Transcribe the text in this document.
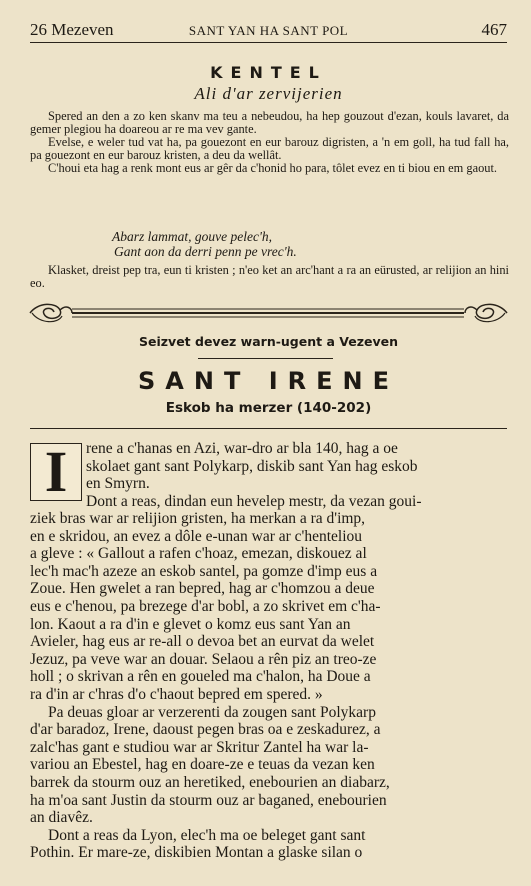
26 Mezeven	SANT YAN HA SANT POL	467
KENTEL
Ali d'ar zervijerien

Spered an den a zo ken skanv ma teu a nebeudou, ha hep gouzout d'ezan, kouls lavaret, da gemer plegiou ha doareou ar re ma vev gante.

Evelse, e weler tud vat ha, pa gouezont en eur barouz digristen, a 'n em goll, ha tud fall ha, pa gouezont en eur barouz kristen, a deu da wellât.

C'houi eta hag a renk mont eus ar gêr da c'honid ho para, tôlet evez en ti biou en em gaout.

Abarz lammat, gouve pelec'h,
Gant aon da derri penn pe vrec'h.

Klasket, dreist pep tra, eun ti kristen ; n'eo ket an arc'hant a ra an eürusted, ar relijion an hini eo.

Seizvet devez warn-ugent a Vezeven
SANT IRENE
Eskob ha merzer (140-202)
I	rene a c'hanas en Azi, war-dro ar bla 140, hag a oe
skolaet gant sant Polykarp, diskib sant Yan hag eskob
en Smyrn.
Dont a reas, dindan eun hevelep mestr, da vezan goui-
ziek bras war ar relijion gristen, ha merkan a ra d'imp,
en e skridou, an evez a dôle e-unan war ar c'henteliou
a gleve : « Gallout a rafen c'hoaz, emezan, diskouez al
lec'h mac'h azeze an eskob santel, pa gomze d'imp eus a
Zoue. Hen gwelet a ran bepred, hag ar c'homzou a deue
eus e c'henou, pa brezege d'ar bobl, a zo skrivet em c'ha-
lon. Kaout a ra d'in e glevet o komz eus sant Yan an
Avieler, hag eus ar re-all o devoa bet an eurvat da welet
Jezuz, pa veve war an douar. Selaou a rên piz an treo-ze
holl ; o skrivan a rên en goueled ma c'halon, ha Doue a
ra d'in ar c'hras d'o c'haout bepred em spered. »
Pa deuas gloar ar verzerenti da zougen sant Polykarp
d'ar baradoz, Irene, daoust pegen bras oa e zeskadurez, a
zalc'has gant e studiou war ar Skritur Zantel ha war la-
variou an Ebestel, hag en doare-ze e teuas da vezan ken
barrek da stourm ouz an heretiked, enebourien an diabarz,
ha m'oa sant Justin da stourm ouz ar baganed, enebourien
an diavêz.
Dont a reas da Lyon, elec'h ma oe beleget gant sant
Pothin. Er mare-ze, diskibien Montan a glaske silan o
